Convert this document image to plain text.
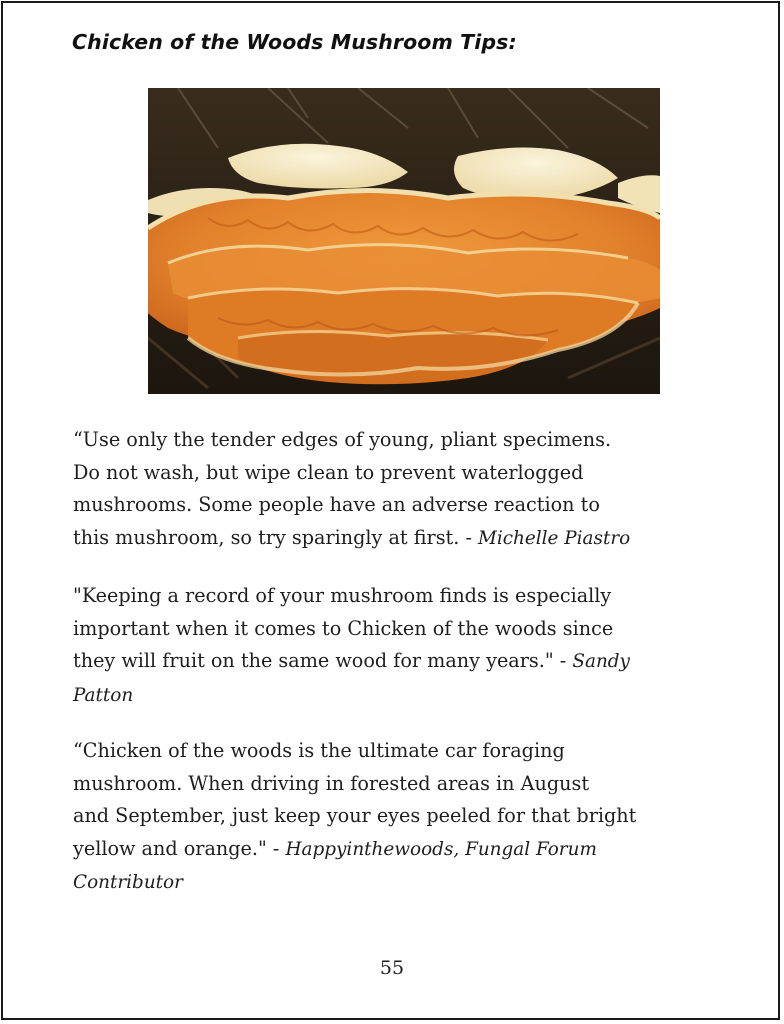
Chicken of the Woods Mushroom Tips:

“Use only the tender edges of young, pliant specimens.
Do not wash, but wipe clean to prevent waterlogged
mushrooms. Some people have an adverse reaction to
this mushroom, so try sparingly at first. - Michelle Piastro

"Keeping a record of your mushroom finds is especially
important when it comes to Chicken of the woods since
they will fruit on the same wood for many years." - Sandy
Patton

“Chicken of the woods is the ultimate car foraging
mushroom. When driving in forested areas in August
and September, just keep your eyes peeled for that bright
yellow and orange." - Happyinthewoods, Fungal Forum
Contributor

55
